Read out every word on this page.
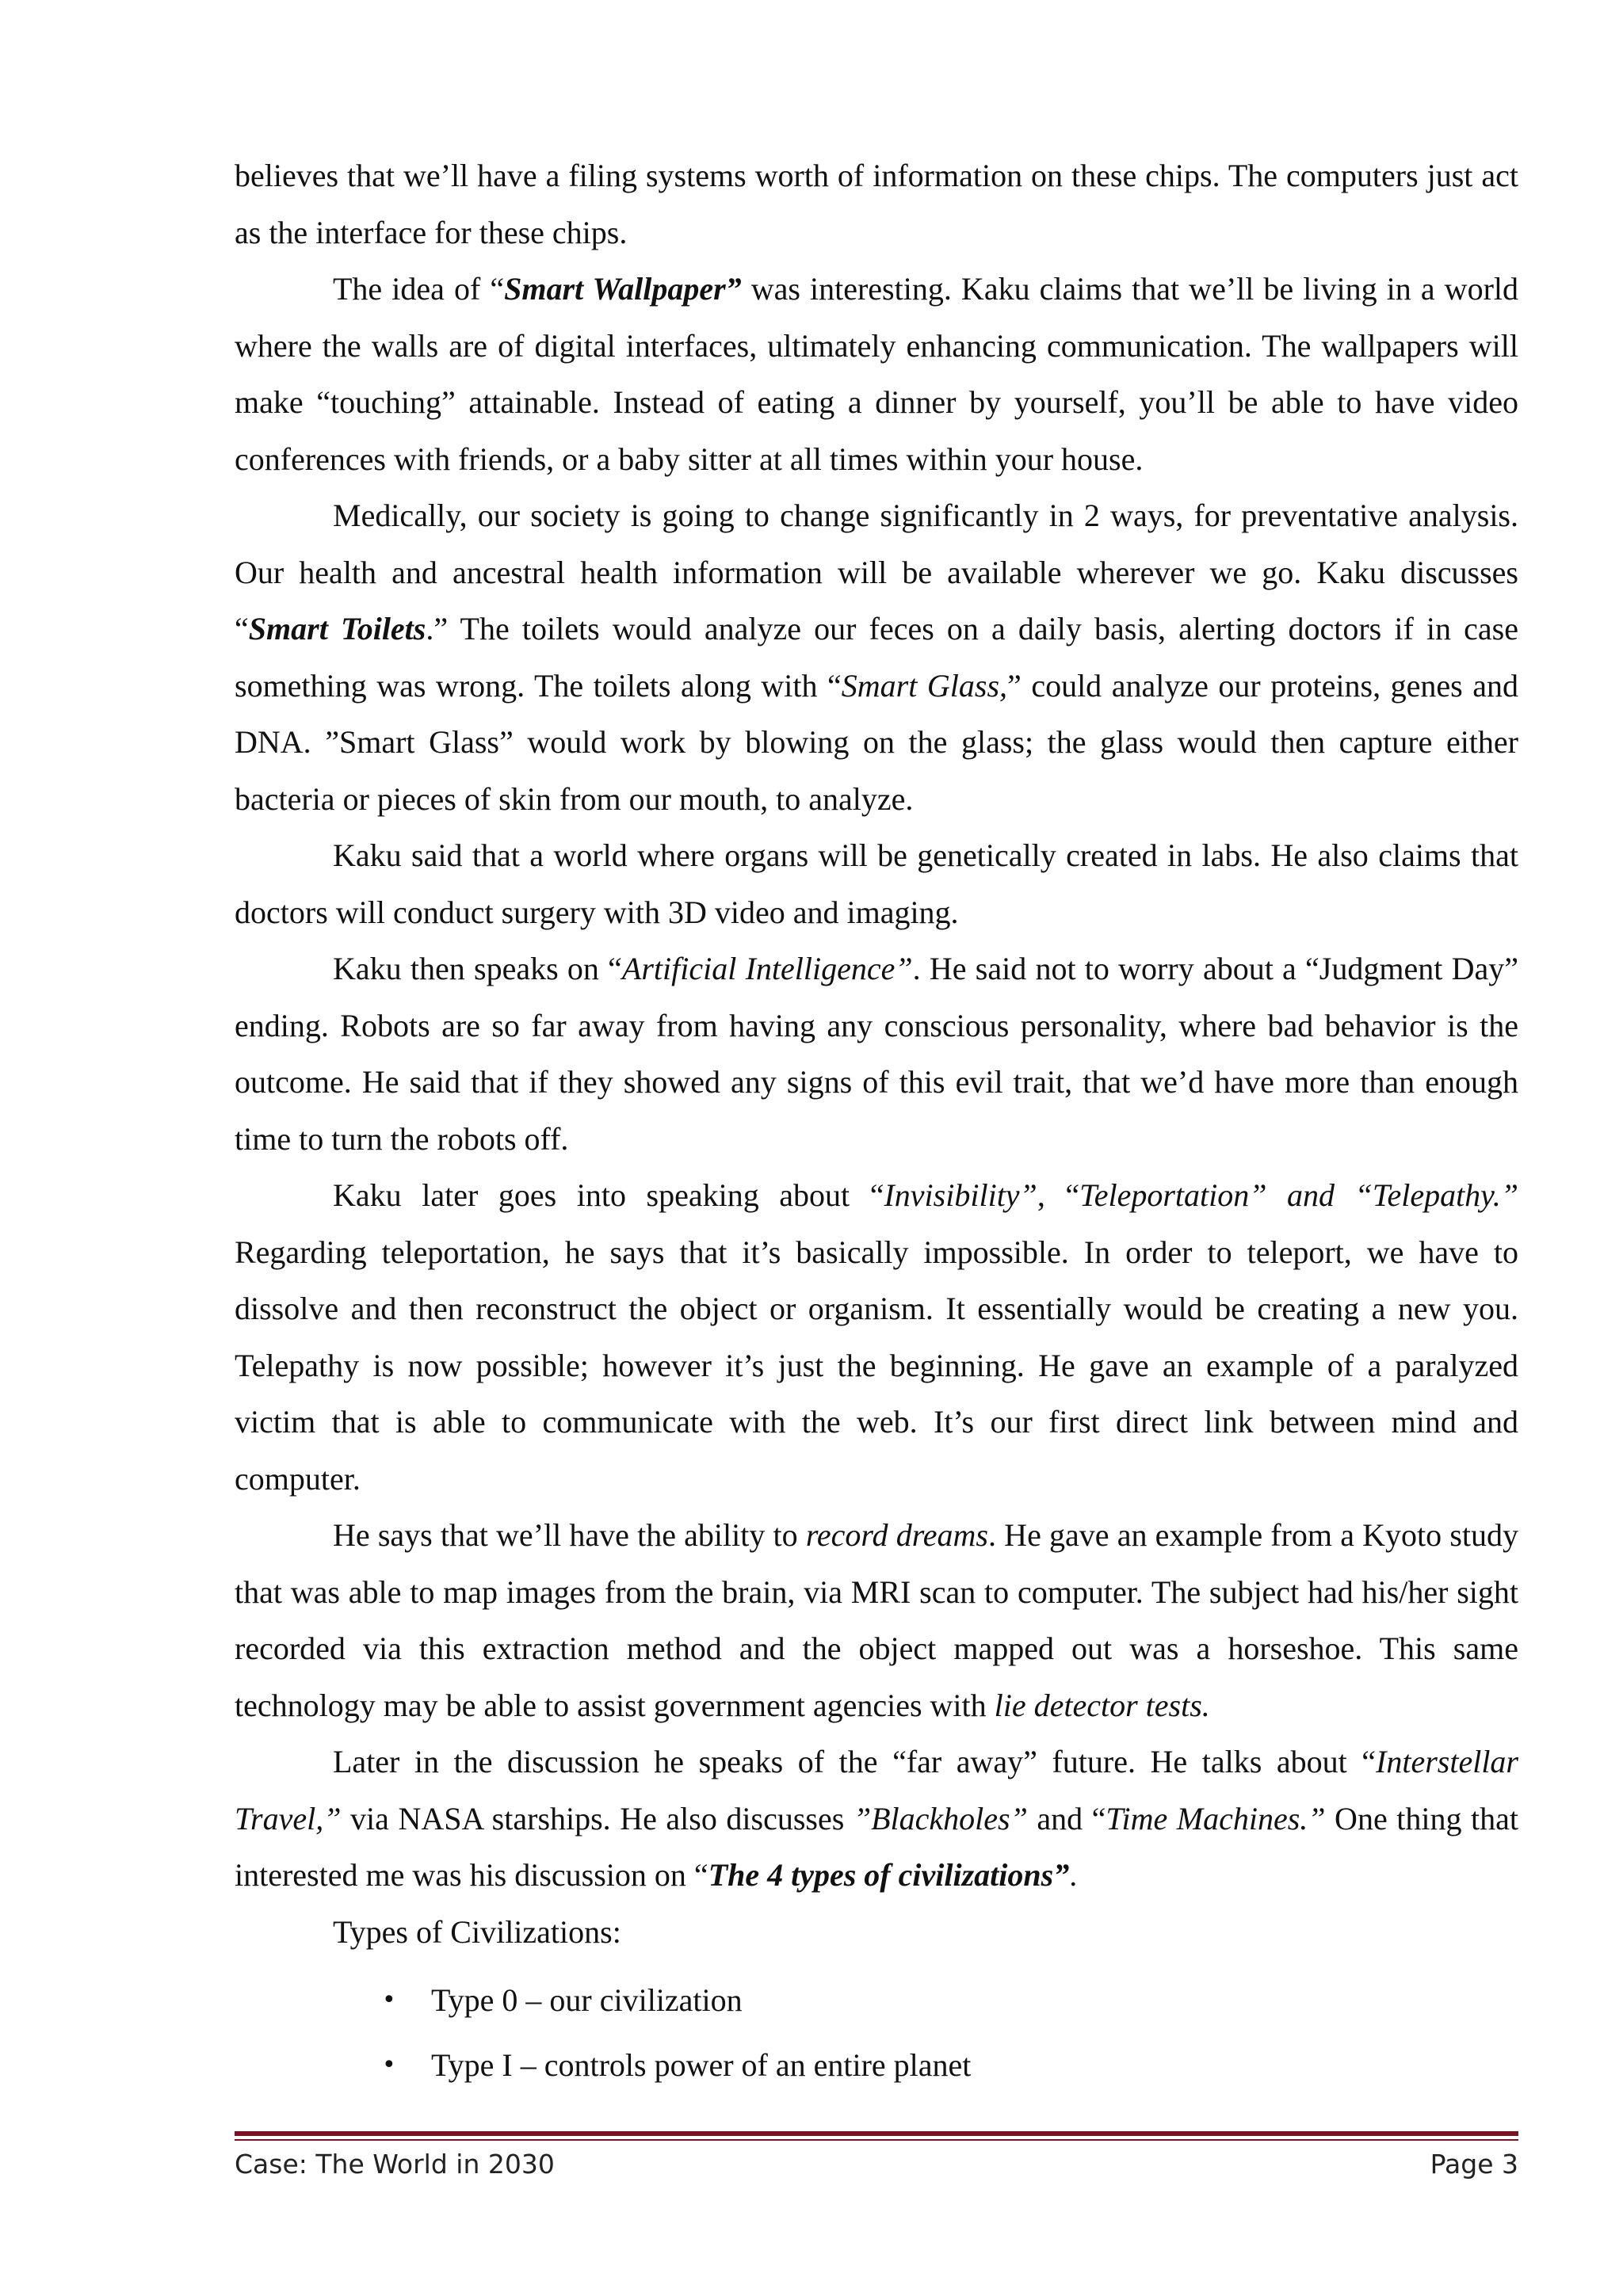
believes that we’ll have a filing systems worth of information on these chips. The computers just act as the interface for these chips.

The idea of “Smart Wallpaper” was interesting. Kaku claims that we’ll be living in a world where the walls are of digital interfaces, ultimately enhancing communication. The wallpapers will make “touching” attainable. Instead of eating a dinner by yourself, you’ll be able to have video conferences with friends, or a baby sitter at all times within your house.

Medically, our society is going to change significantly in 2 ways, for preventative analysis. Our health and ancestral health information will be available wherever we go. Kaku discusses “Smart Toilets.” The toilets would analyze our feces on a daily basis, alerting doctors if in case something was wrong. The toilets along with “Smart Glass,” could analyze our proteins, genes and DNA. ”Smart Glass” would work by blowing on the glass; the glass would then capture either bacteria or pieces of skin from our mouth, to analyze.

Kaku said that a world where organs will be genetically created in labs. He also claims that doctors will conduct surgery with 3D video and imaging.

Kaku then speaks on “Artificial Intelligence”. He said not to worry about a “Judgment Day” ending. Robots are so far away from having any conscious personality, where bad behavior is the outcome. He said that if they showed any signs of this evil trait, that we’d have more than enough time to turn the robots off.

Kaku later goes into speaking about “Invisibility”, “Teleportation” and “Telepathy.” Regarding teleportation, he says that it’s basically impossible. In order to teleport, we have to dissolve and then reconstruct the object or organism. It essentially would be creating a new you. Telepathy is now possible; however it’s just the beginning. He gave an example of a paralyzed victim that is able to communicate with the web. It’s our first direct link between mind and computer.

He says that we’ll have the ability to record dreams. He gave an example from a Kyoto study that was able to map images from the brain, via MRI scan to computer. The subject had his/her sight recorded via this extraction method and the object mapped out was a horseshoe. This same technology may be able to assist government agencies with lie detector tests.

Later in the discussion he speaks of the “far away” future. He talks about “Interstellar Travel,” via NASA starships. He also discusses ”Blackholes” and “Time Machines.” One thing that interested me was his discussion on “The 4 types of civilizations”.

Types of Civilizations:

• Type 0 – our civilization
• Type I – controls power of an entire planet
Case: The World in 2030	Page 3
